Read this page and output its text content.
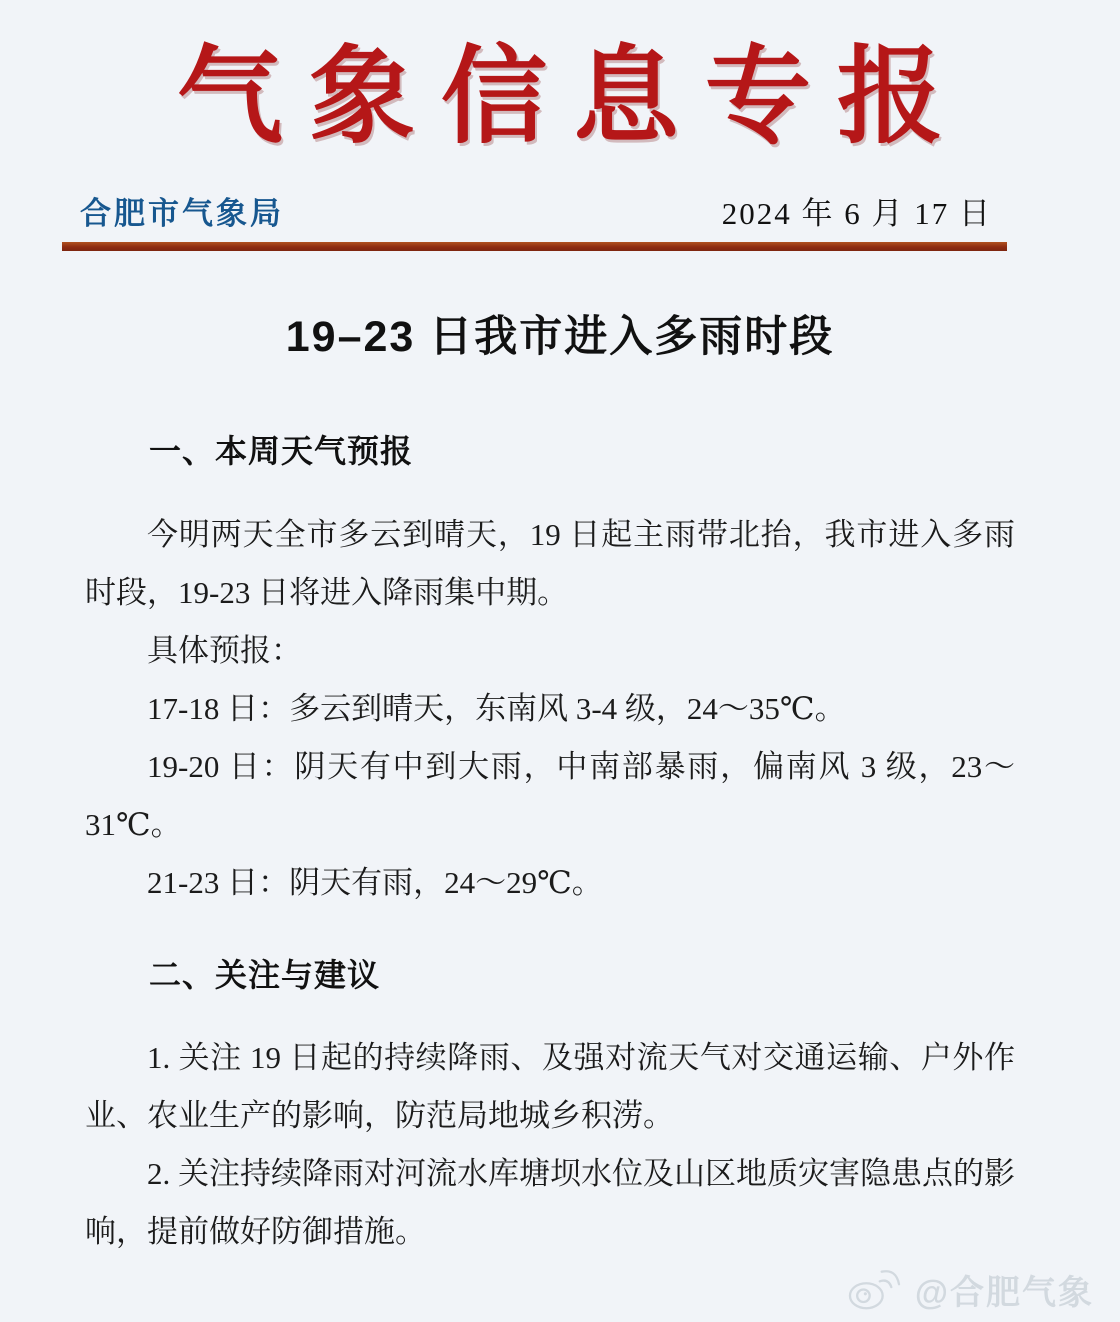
气象信息专报
合肥市气象局	2024 年 6 月 17 日
19–23 日我市进入多雨时段
一、本周天气预报

今明两天全市多云到晴天，19 日起主雨带北抬，我市进入多雨时段，19-23 日将进入降雨集中期。

具体预报：

17-18 日：多云到晴天，东南风 3-4 级，24～35℃。

19-20 日：阴天有中到大雨，中南部暴雨，偏南风 3 级，23～31℃。

21-23 日：阴天有雨，24～29℃。

二、关注与建议

1. 关注 19 日起的持续降雨、及强对流天气对交通运输、户外作业、农业生产的影响，防范局地城乡积涝。

2. 关注持续降雨对河流水库塘坝水位及山区地质灾害隐患点的影响，提前做好防御措施。

@合肥气象
